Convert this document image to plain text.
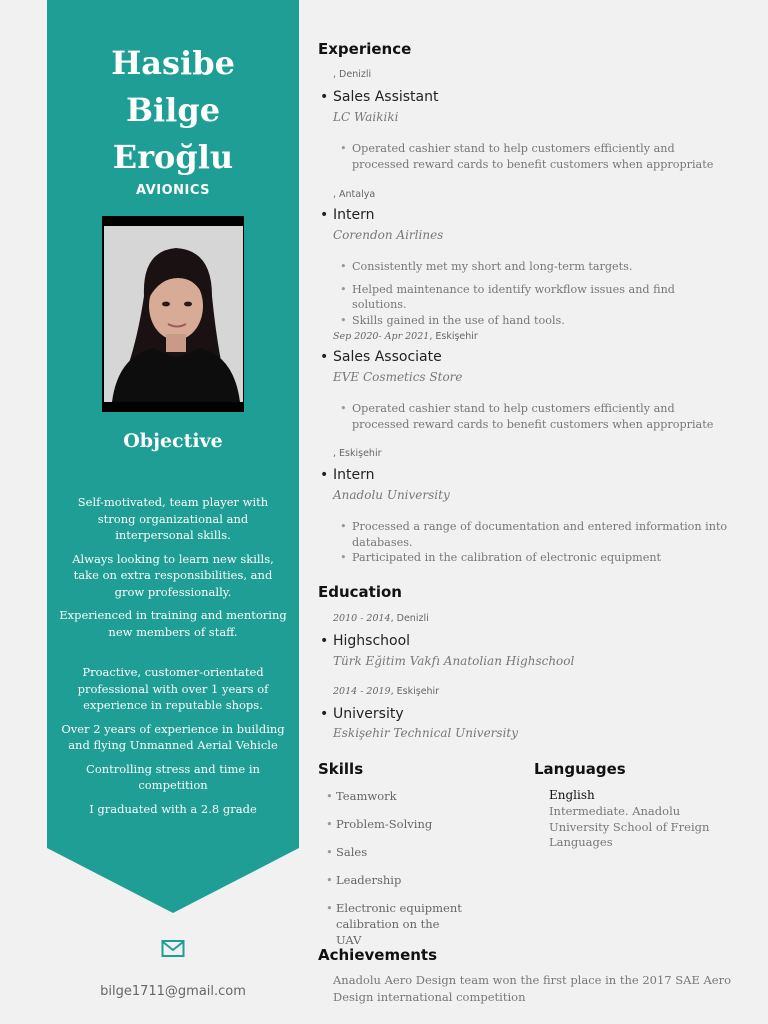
Hasibe
Bilge
Eroğlu
AVIONICS
Objective

Self-motivated, team player with strong organizational and interpersonal skills.

Always looking to learn new skills, take on extra responsibilities, and grow professionally.

Experienced in training and mentoring new members of staff.

Proactive, customer-orientated professional with over 1 years of experience in reputable shops.

Over 2 years of experience in building and flying Unmanned Aerial Vehicle

Controlling stress and time in competition

I graduated with a 2.8 grade

bilge1711@gmail.com
Experience
, Denizli
• Sales Assistant
LC Waikiki
• Operated cashier stand to help customers efficiently and processed reward cards to benefit customers when appropriate
, Antalya
• Intern
Corendon Airlines
• Consistently met my short and long-term targets.
• Helped maintenance to identify workflow issues and find solutions.
• Skills gained in the use of hand tools.
Sep 2020- Apr 2021, Eskişehir
• Sales Associate
EVE Cosmetics Store
• Operated cashier stand to help customers efficiently and processed reward cards to benefit customers when appropriate
, Eskişehir
• Intern
Anadolu University
• Processed a range of documentation and entered information into databases.
• Participated in the calibration of electronic equipment
Education
2010 - 2014, Denizli
• Highschool
Türk Eğitim Vakfı Anatolian Highschool
2014 - 2019, Eskişehir
• University
Eskişehir Technical University
Skills
• Teamwork
• Problem-Solving
• Sales
• Leadership
• Electronic equipment calibration on the UAV
Languages
English
Intermediate. Anadolu University School of Freign Languages
Achievements
Anadolu Aero Design team won the first place in the 2017 SAE Aero Design international competition
